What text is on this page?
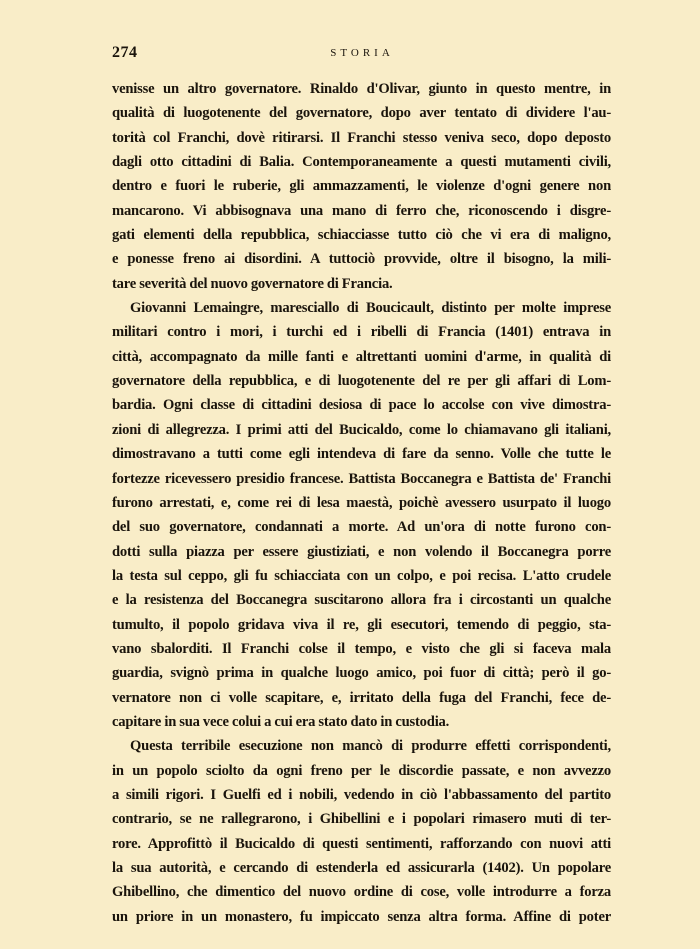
274	STORIA
venisse un altro governatore. Rinaldo d'Olivar, giunto in questo mentre, in
qualità di luogotenente del governatore, dopo aver tentato di dividere l'au-
torità col Franchi, dovè ritirarsi. Il Franchi stesso veniva seco, dopo deposto
dagli otto cittadini di Balia. Contemporaneamente a questi mutamenti civili,
dentro e fuori le ruberie, gli ammazzamenti, le violenze d'ogni genere non
mancarono. Vi abbisognava una mano di ferro che, riconoscendo i disgre-
gati elementi della repubblica, schiacciasse tutto ciò che vi era di maligno,
e ponesse freno ai disordini. A tuttociò provvide, oltre il bisogno, la mili-
tare severità del nuovo governatore di Francia.
Giovanni Lemaingre, maresciallo di Boucicault, distinto per molte imprese
militari contro i mori, i turchi ed i ribelli di Francia (1401) entrava in
città, accompagnato da mille fanti e altrettanti uomini d'arme, in qualità di
governatore della repubblica, e di luogotenente del re per gli affari di Lom-
bardia. Ogni classe di cittadini desiosa di pace lo accolse con vive dimostra-
zioni di allegrezza. I primi atti del Bucicaldo, come lo chiamavano gli italiani,
dimostravano a tutti come egli intendeva di fare da senno. Volle che tutte le
fortezze ricevessero presidio francese. Battista Boccanegra e Battista de' Franchi
furono arrestati, e, come rei di lesa maestà, poichè avessero usurpato il luogo
del suo governatore, condannati a morte. Ad un'ora di notte furono con-
dotti sulla piazza per essere giustiziati, e non volendo il Boccanegra porre
la testa sul ceppo, gli fu schiacciata con un colpo, e poi recisa. L'atto crudele
e la resistenza del Boccanegra suscitarono allora fra i circostanti un qualche
tumulto, il popolo gridava viva il re, gli esecutori, temendo di peggio, sta-
vano sbalorditi. Il Franchi colse il tempo, e visto che gli si faceva mala
guardia, svignò prima in qualche luogo amico, poi fuor di città; però il go-
vernatore non ci volle scapitare, e, irritato della fuga del Franchi, fece de-
capitare in sua vece colui a cui era stato dato in custodia.
Questa terribile esecuzione non mancò di produrre effetti corrispondenti,
in un popolo sciolto da ogni freno per le discordie passate, e non avvezzo
a simili rigori. I Guelfi ed i nobili, vedendo in ciò l'abbassamento del partito
contrario, se ne rallegrarono, i Ghibellini e i popolari rimasero muti di ter-
rore. Approfittò il Bucicaldo di questi sentimenti, rafforzando con nuovi atti
la sua autorità, e cercando di estenderla ed assicurarla (1402). Un popolare
Ghibellino, che dimentico del nuovo ordine di cose, volle introdurre a forza
un priore in un monastero, fu impiccato senza altra forma. Affine di poter
